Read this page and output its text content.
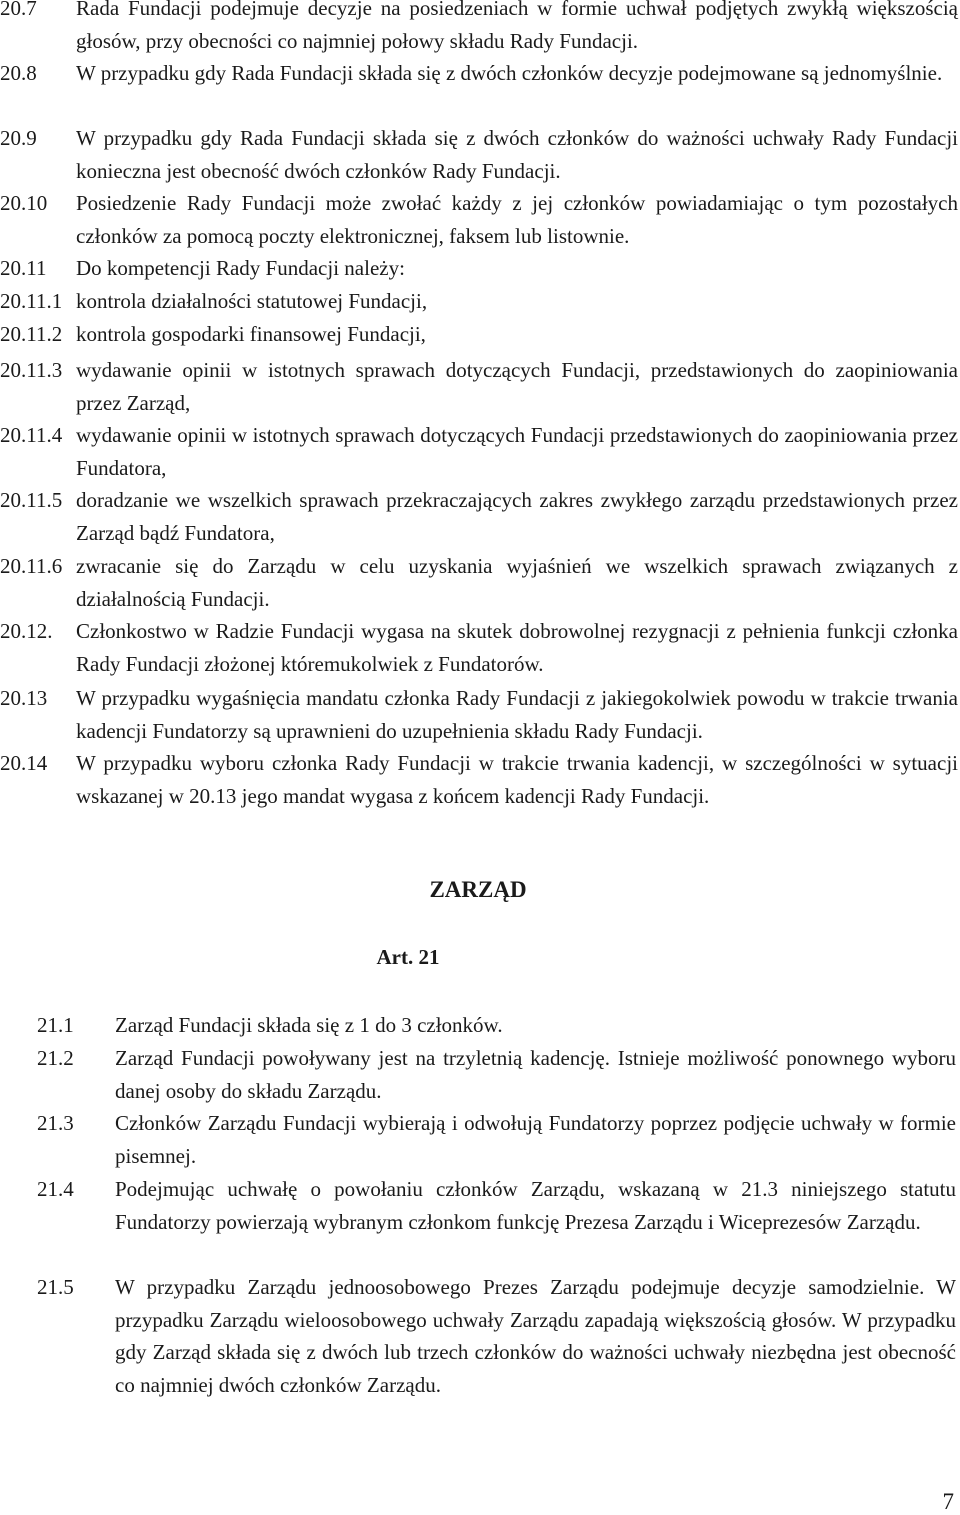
20.7 Rada Fundacji podejmuje decyzje na posiedzeniach w formie uchwał podjętych zwykłą większością głosów, przy obecności co najmniej połowy składu Rady Fundacji.
20.8 W przypadku gdy Rada Fundacji składa się z dwóch członków decyzje podejmowane są jednomyślnie.
20.9 W przypadku gdy Rada Fundacji składa się z dwóch członków do ważności uchwały Rady Fundacji konieczna jest obecność dwóch członków Rady Fundacji.
20.10 Posiedzenie Rady Fundacji może zwołać każdy z jej członków powiadamiając o tym pozostałych członków za pomocą poczty elektronicznej, faksem lub listownie.
20.11 Do kompetencji Rady Fundacji należy:
20.11.1 kontrola działalności statutowej Fundacji,
20.11.2 kontrola gospodarki finansowej Fundacji,
20.11.3 wydawanie opinii w istotnych sprawach dotyczących Fundacji, przedstawionych do zaopiniowania przez Zarząd,
20.11.4 wydawanie opinii w istotnych sprawach dotyczących Fundacji przedstawionych do zaopiniowania przez Fundatora,
20.11.5 doradzanie we wszelkich sprawach przekraczających zakres zwykłego zarządu przedstawionych przez Zarząd bądź Fundatora,
20.11.6 zwracanie się do Zarządu w celu uzyskania wyjaśnień we wszelkich sprawach związanych z działalnością Fundacji.
20.12. Członkostwo w Radzie Fundacji wygasa na skutek dobrowolnej rezygnacji z pełnienia funkcji członka Rady Fundacji złożonej któremukolwiek z Fundatorów.
20.13 W przypadku wygaśnięcia mandatu członka Rady Fundacji z jakiegokolwiek powodu w trakcie trwania kadencji Fundatorzy są uprawnieni do uzupełnienia składu Rady Fundacji.
20.14 W przypadku wyboru członka Rady Fundacji w trakcie trwania kadencji, w szczególności w sytuacji wskazanej w 20.13 jego mandat wygasa z końcem kadencji Rady Fundacji.
ZARZĄD
Art. 21
21.1 Zarząd Fundacji składa się z 1 do 3 członków.
21.2 Zarząd Fundacji powoływany jest na trzyletnią kadencję. Istnieje możliwość ponownego wyboru danej osoby do składu Zarządu.
21.3 Członków Zarządu Fundacji wybierają i odwołują Fundatorzy poprzez podjęcie uchwały w formie pisemnej.
21.4 Podejmując uchwałę o powołaniu członków Zarządu, wskazaną w 21.3 niniejszego statutu Fundatorzy powierzają wybranym członkom funkcję Prezesa Zarządu i Wiceprezesów Zarządu.
21.5 W przypadku Zarządu jednoosobowego Prezes Zarządu podejmuje decyzje samodzielnie. W przypadku Zarządu wieloosobowego uchwały Zarządu zapadają większością głosów. W przypadku gdy Zarząd składa się z dwóch lub trzech członków do ważności uchwały niezbędna jest obecność co najmniej dwóch członków Zarządu.
7
